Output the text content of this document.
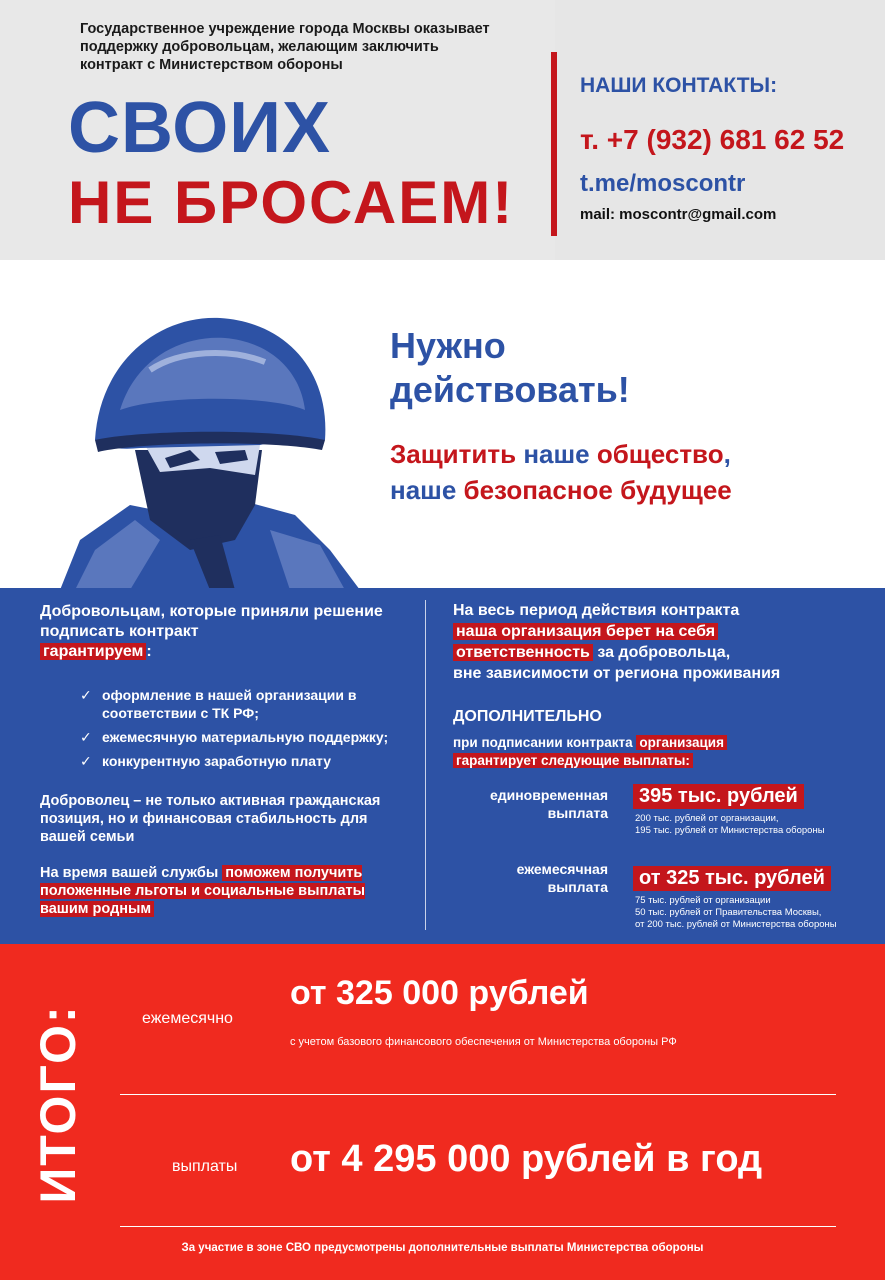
Государственное учреждение города Москвы оказывает поддержку добровольцам, желающим заключить контракт с Министерством обороны
СВОИХ
НЕ БРОСАЕМ!
НАШИ КОНТАКТЫ:
т. +7 (932) 681 62 52
t.me/moscontr
mail: moscontr@gmail.com
Нужно
действовать!
Защитить наше общество,
наше безопасное будущее
Добровольцам, которые приняли решение подписать контракт
гарантируем :
✓ оформление в нашей организации в соответствии с ТК РФ;
✓ ежемесячную материальную поддержку;
✓ конкурентную заработную плату
Доброволец – не только активная гражданская позиция, но и финансовая стабильность для вашей семьи
На время вашей службы поможем получить положенные льготы и социальные выплаты вашим родным
На весь период действия контракта
наша организация берет на себя
ответственность за добровольца,
вне зависимости от региона проживания
ДОПОЛНИТЕЛЬНО
при подписании контракта организация
гарантирует следующие выплаты:
единовременная
выплата
395 тыс. рублей
200 тыс. рублей от организации,
195 тыс. рублей от Министерства обороны
ежемесячная
выплата	от 325 тыс. рублей
75 тыс. рублей от организации
50 тыс. рублей от Правительства Москвы,
от 200 тыс. рублей от Министерства обороны
ИТОГО:	ежемесячно
от 325 000 рублей
с учетом базового финансового обеспечения от Министерства обороны РФ
выплаты от 4 295 000 рублей в год
За участие в зоне СВО предусмотрены дополнительные выплаты Министерства обороны
